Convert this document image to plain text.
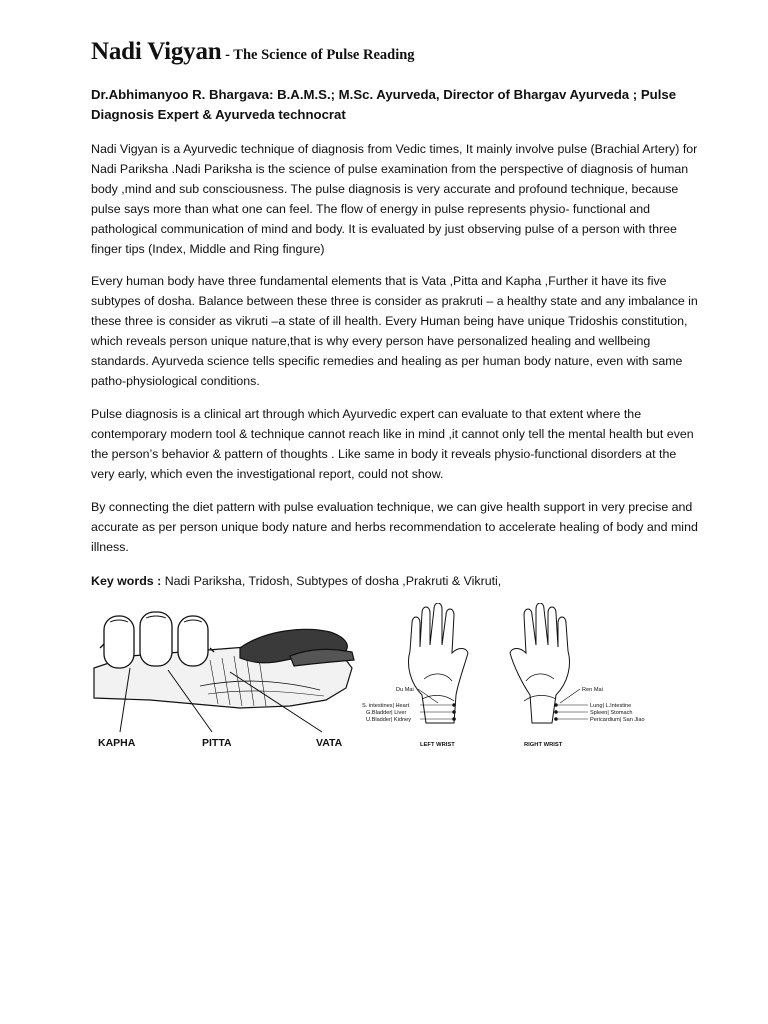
Nadi Vigyan - The Science of Pulse Reading
Dr.Abhimanyoo R. Bhargava: B.A.M.S.; M.Sc. Ayurveda, Director of Bhargav Ayurveda ; Pulse Diagnosis Expert & Ayurveda technocrat

Nadi Vigyan is a Ayurvedic technique of diagnosis from Vedic times, It mainly involve pulse (Brachial Artery) for Nadi Pariksha .Nadi Pariksha is the science of pulse examination from the perspective of diagnosis of human body ,mind and sub consciousness. The pulse diagnosis is very accurate and profound technique, because pulse says more than what one can feel. The flow of energy in pulse represents physio- functional and pathological communication of mind and body. It is evaluated by just observing pulse of a person with three finger tips (Index, Middle and Ring fingure)

Every human body have three fundamental elements that is Vata ,Pitta and Kapha ,Further it have its five subtypes of dosha. Balance between these three is consider as prakruti – a healthy state and any imbalance in these three is consider as vikruti –a state of ill health. Every Human being have unique Tridoshis constitution, which reveals person unique nature,that is why every person have personalized healing and wellbeing standards. Ayurveda science tells specific remedies and healing as per human body nature, even with same patho-physiological conditions.

Pulse diagnosis is a clinical art through which Ayurvedic expert can evaluate to that extent where the contemporary modern tool & technique cannot reach like in mind ,it cannot only tell the mental health but even the person’s behavior & pattern of thoughts . Like same in body it reveals physio-functional disorders at the very early, which even the investigational report, could not show.

By connecting the diet pattern with pulse evaluation technique, we can give health support in very precise and accurate as per person unique body nature and herbs recommendation to accelerate healing of body and mind illness.

Key words : Nadi Pariksha, Tridosh, Subtypes of dosha ,Prakruti & Vikruti,
KAPHA	PITTA	VATA
Du Mai
S. intestines| Heart
G.Bladder| Liver
U.Bladder| Kidney
LEFT WRIST
Ren Mai
Lung| L.Intestine
Spleen| Stomach
Pericardium| San Jiao
RIGHT WRIST
